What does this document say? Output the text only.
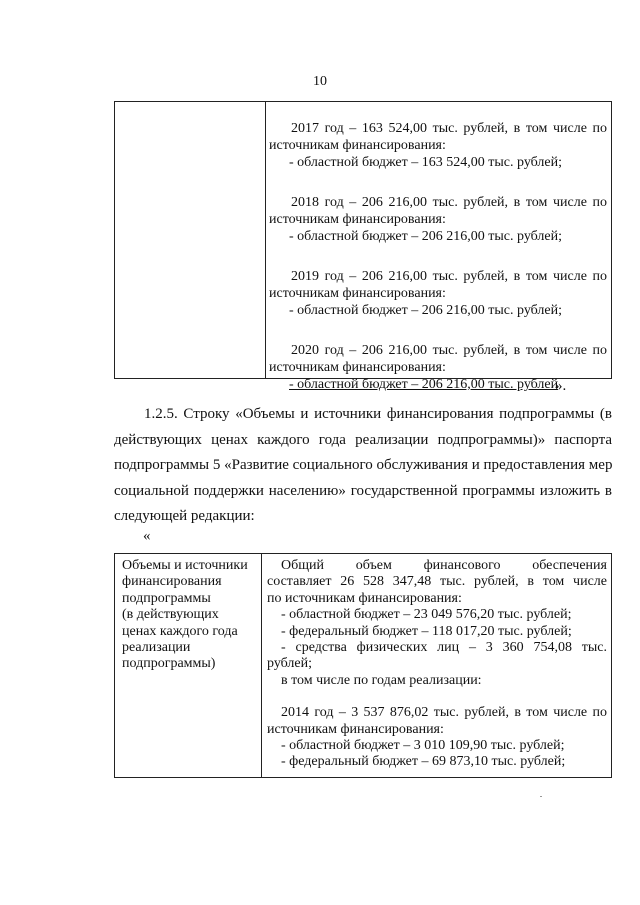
10
2017 год – 163 524,00 тыс. рублей, в том числе по
источникам финансирования:
- областной бюджет – 163 524,00 тыс. рублей;
2018 год – 206 216,00 тыс. рублей, в том числе по
источникам финансирования:
- областной бюджет – 206 216,00 тыс. рублей;
2019 год – 206 216,00 тыс. рублей, в том числе по
источникам финансирования:
- областной бюджет – 206 216,00 тыс. рублей;
2020 год – 206 216,00 тыс. рублей, в том числе по
источникам финансирования:
- областной бюджет – 206 216,00 тыс. рублей
».
1.2.5. Строку «Объемы и источники финансирования подпрограммы (в
действующих ценах каждого года реализации подпрограммы)» паспорта
подпрограммы 5 «Развитие социального обслуживания и предоставления мер
социальной поддержки населению» государственной программы изложить в
следующей редакции:
«
Объемы и источники
финансирования
подпрограммы
(в действующих
ценах каждого года
реализации
подпрограммы)
Общий объем финансового обеспечения
составляет 26 528 347,48 тыс. рублей, в том числе
по источникам финансирования:
- областной бюджет – 23 049 576,20 тыс. рублей;
- федеральный бюджет – 118 017,20 тыс. рублей;
- средства физических лиц – 3 360 754,08 тыс.
рублей;
в том числе по годам реализации:
2014 год – 3 537 876,02 тыс. рублей, в том числе по
источникам финансирования:
- областной бюджет – 3 010 109,90 тыс. рублей;
- федеральный бюджет – 69 873,10 тыс. рублей;
